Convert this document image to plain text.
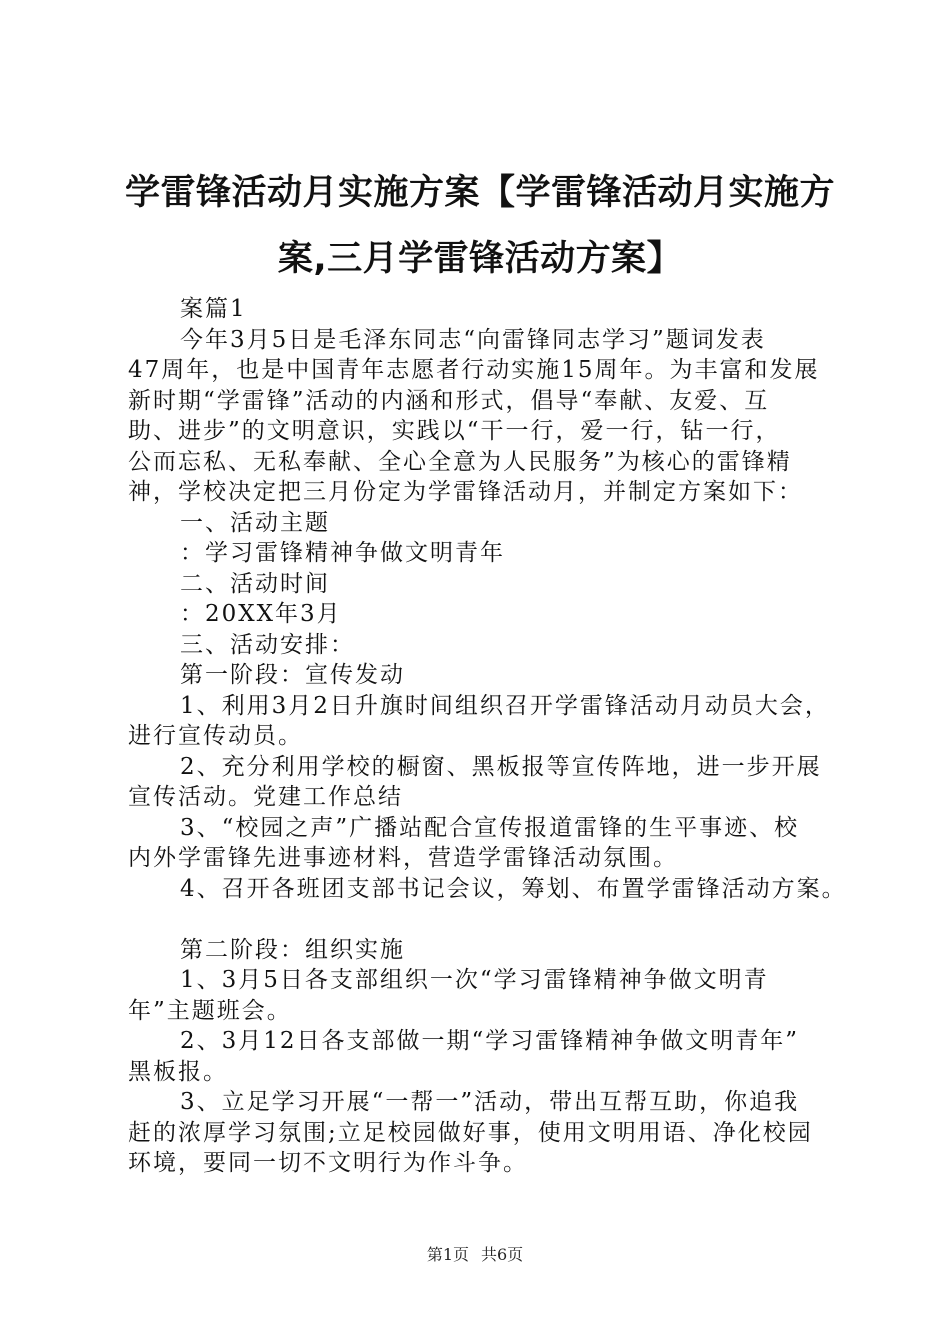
学雷锋活动月实施方案【学雷锋活动月实施方
案,三月学雷锋活动方案】
案篇1
今年3月5日是毛泽东同志“向雷锋同志学习”题词发表
47周年，也是中国青年志愿者行动实施15周年。为丰富和发展
新时期“学雷锋”活动的内涵和形式，倡导“奉献、友爱、互
助、进步”的文明意识，实践以“干一行，爱一行，钻一行，
公而忘私、无私奉献、全心全意为人民服务”为核心的雷锋精
神，学校决定把三月份定为学雷锋活动月，并制定方案如下：
一、活动主题
：学习雷锋精神争做文明青年
二、活动时间
：20XX年3月
三、活动安排：
第一阶段：宣传发动
1、利用3月2日升旗时间组织召开学雷锋活动月动员大会，
进行宣传动员。
2、充分利用学校的橱窗、黑板报等宣传阵地，进一步开展
宣传活动。党建工作总结
3、“校园之声”广播站配合宣传报道雷锋的生平事迹、校
内外学雷锋先进事迹材料，营造学雷锋活动氛围。
4、召开各班团支部书记会议，筹划、布置学雷锋活动方案。
第二阶段：组织实施
1、3月5日各支部组织一次“学习雷锋精神争做文明青
年”主题班会。
2、3月12日各支部做一期“学习雷锋精神争做文明青年”
黑板报。
3、立足学习开展“一帮一”活动，带出互帮互助，你追我
赶的浓厚学习氛围;立足校园做好事，使用文明用语、净化校园
环境，要同一切不文明行为作斗争。
第1页 共6页
